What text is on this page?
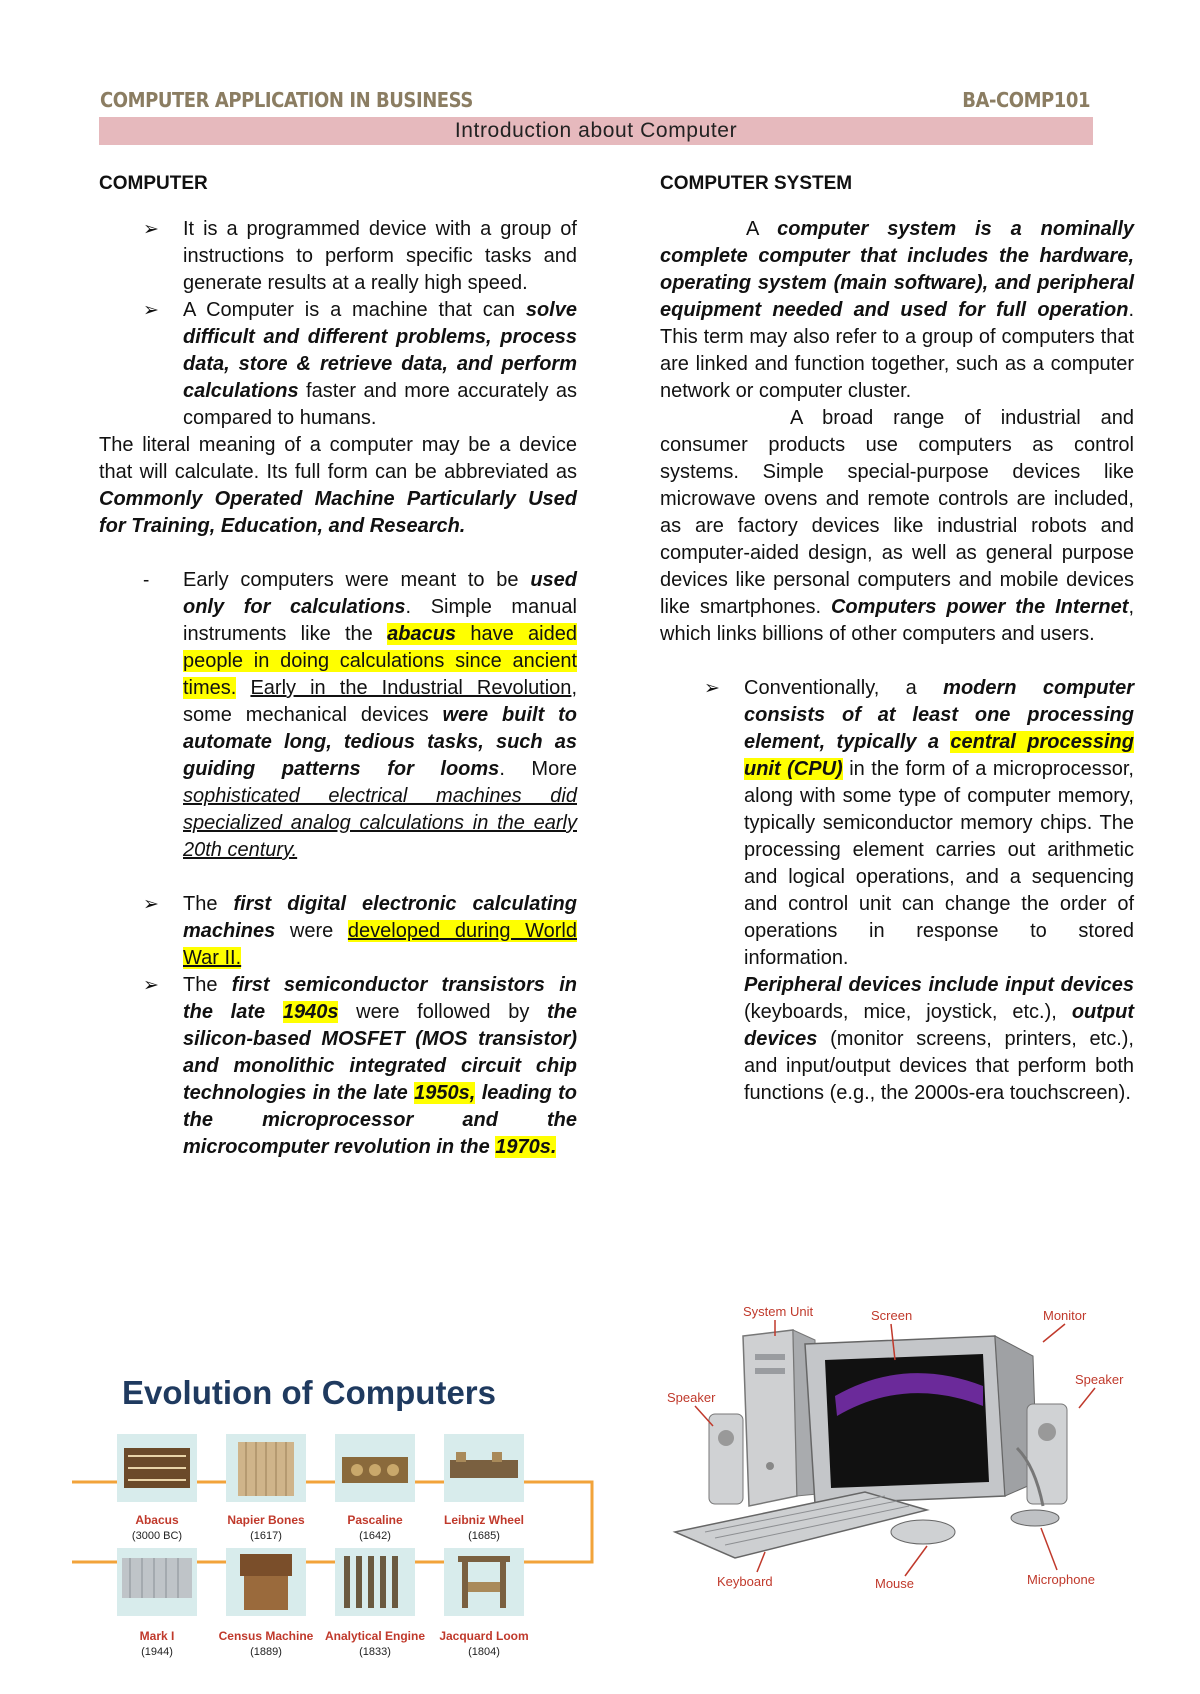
COMPUTER APPLICATION IN BUSINESS	BA-COMP101
Introduction about Computer
COMPUTER
➢ It is a programmed device with a group of instructions to perform specific tasks and generate results at a really high speed.
➢ A Computer is a machine that can solve difficult and different problems, process data, store & retrieve data, and perform calculations faster and more accurately as compared to humans.

The literal meaning of a computer may be a device that will calculate. Its full form can be abbreviated as Commonly Operated Machine Particularly Used for Training, Education, and Research.

- Early computers were meant to be used only for calculations. Simple manual instruments like the abacus have aided people in doing calculations since ancient times. Early in the Industrial Revolution, some mechanical devices were built to automate long, tedious tasks, such as guiding patterns for looms. More sophisticated electrical machines did specialized analog calculations in the early 20th century.
➢ The first digital electronic calculating machines were developed during World War II.
➢ The first semiconductor transistors in the late 1940s were followed by the silicon-based MOSFET (MOS transistor) and monolithic integrated circuit chip technologies in the late 1950s, leading to the microprocessor and the microcomputer revolution in the 1970s.
COMPUTER SYSTEM

A computer system is a nominally complete computer that includes the hardware, operating system (main software), and peripheral equipment needed and used for full operation. This term may also refer to a group of computers that are linked and function together, such as a computer network or computer cluster.

A broad range of industrial and consumer products use computers as control systems. Simple special-purpose devices like microwave ovens and remote controls are included, as are factory devices like industrial robots and computer-aided design, as well as general purpose devices like personal computers and mobile devices like smartphones. Computers power the Internet, which links billions of other computers and users.

➢ Conventionally, a modern computer consists of at least one processing element, typically a central processing unit (CPU) in the form of a microprocessor, along with some type of computer memory, typically semiconductor memory chips. The processing element carries out arithmetic and logical operations, and a sequencing and control unit can change the order of operations in response to stored information.
Peripheral devices include input devices (keyboards, mice, joystick, etc.), output devices (monitor screens, printers, etc.), and input/output devices that perform both functions (e.g., the 2000s-era touchscreen).
Evolution of Computers
Abacus
(3000 BC)
Napier Bones
(1617)
Pascaline
(1642)
Leibniz Wheel
(1685)
Mark I
(1944)
Census Machine
(1889)
Analytical Engine
(1833)
Jacquard Loom
(1804)
System Unit	Screen	Monitor
Speaker
Speaker
Keyboard	Mouse	Microphone
